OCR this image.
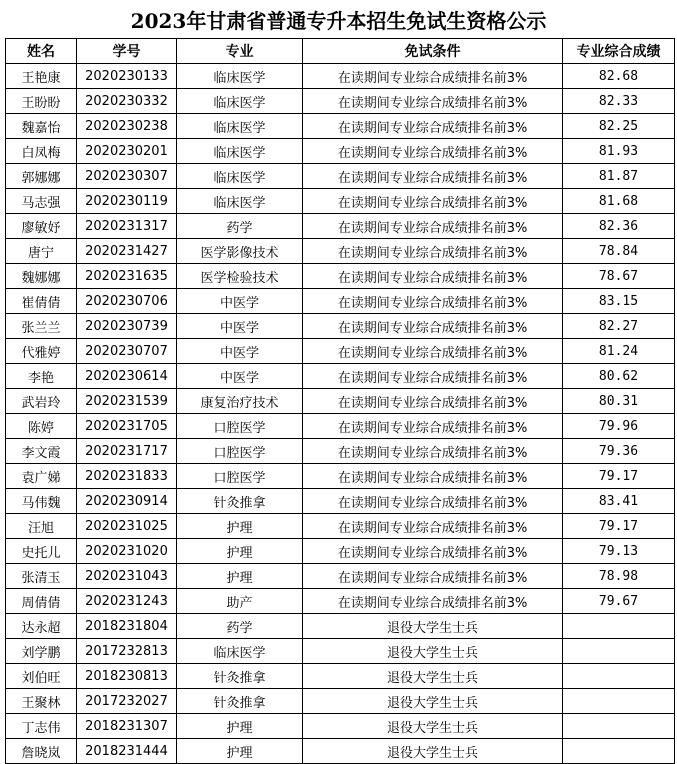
2023年甘肃省普通专升本招生免试生资格公示
姓名	学号	专业	免试条件	专业综合成绩
王艳康	2020230133	临床医学	在读期间专业综合成绩排名前3%	82.68
王盼盼	2020230332	临床医学	在读期间专业综合成绩排名前3%	82.33
魏嘉怡	2020230238	临床医学	在读期间专业综合成绩排名前3%	82.25
白凤梅	2020230201	临床医学	在读期间专业综合成绩排名前3%	81.93
郭娜娜	2020230307	临床医学	在读期间专业综合成绩排名前3%	81.87
马志强	2020230119	临床医学	在读期间专业综合成绩排名前3%	81.68
廖敏妤	2020231317	药学	在读期间专业综合成绩排名前3%	82.36
唐宁	2020231427	医学影像技术	在读期间专业综合成绩排名前3%	78.84
魏娜娜	2020231635	医学检验技术	在读期间专业综合成绩排名前3%	78.67
崔倩倩	2020230706	中医学	在读期间专业综合成绩排名前3%	83.15
张兰兰	2020230739	中医学	在读期间专业综合成绩排名前3%	82.27
代雅婷	2020230707	中医学	在读期间专业综合成绩排名前3%	81.24
李艳	2020230614	中医学	在读期间专业综合成绩排名前3%	80.62
武岩玲	2020231539	康复治疗技术	在读期间专业综合成绩排名前3%	80.31
陈婷	2020231705	口腔医学	在读期间专业综合成绩排名前3%	79.96
李文霞	2020231717	口腔医学	在读期间专业综合成绩排名前3%	79.36
袁广娣	2020231833	口腔医学	在读期间专业综合成绩排名前3%	79.17
马伟魏	2020230914	针灸推拿	在读期间专业综合成绩排名前3%	83.41
汪旭	2020231025	护理	在读期间专业综合成绩排名前3%	79.17
史托儿	2020231020	护理	在读期间专业综合成绩排名前3%	79.13
张清玉	2020231043	护理	在读期间专业综合成绩排名前3%	78.98
周倩倩	2020231243	助产	在读期间专业综合成绩排名前3%	79.67
达永超	2018231804	药学	退役大学生士兵	
刘学鹏	2017232813	临床医学	退役大学生士兵	
刘伯旺	2018230813	针灸推拿	退役大学生士兵	
王聚林	2017232027	针灸推拿	退役大学生士兵	
丁志伟	2018231307	护理	退役大学生士兵	
詹晓岚	2018231444	护理	退役大学生士兵	
